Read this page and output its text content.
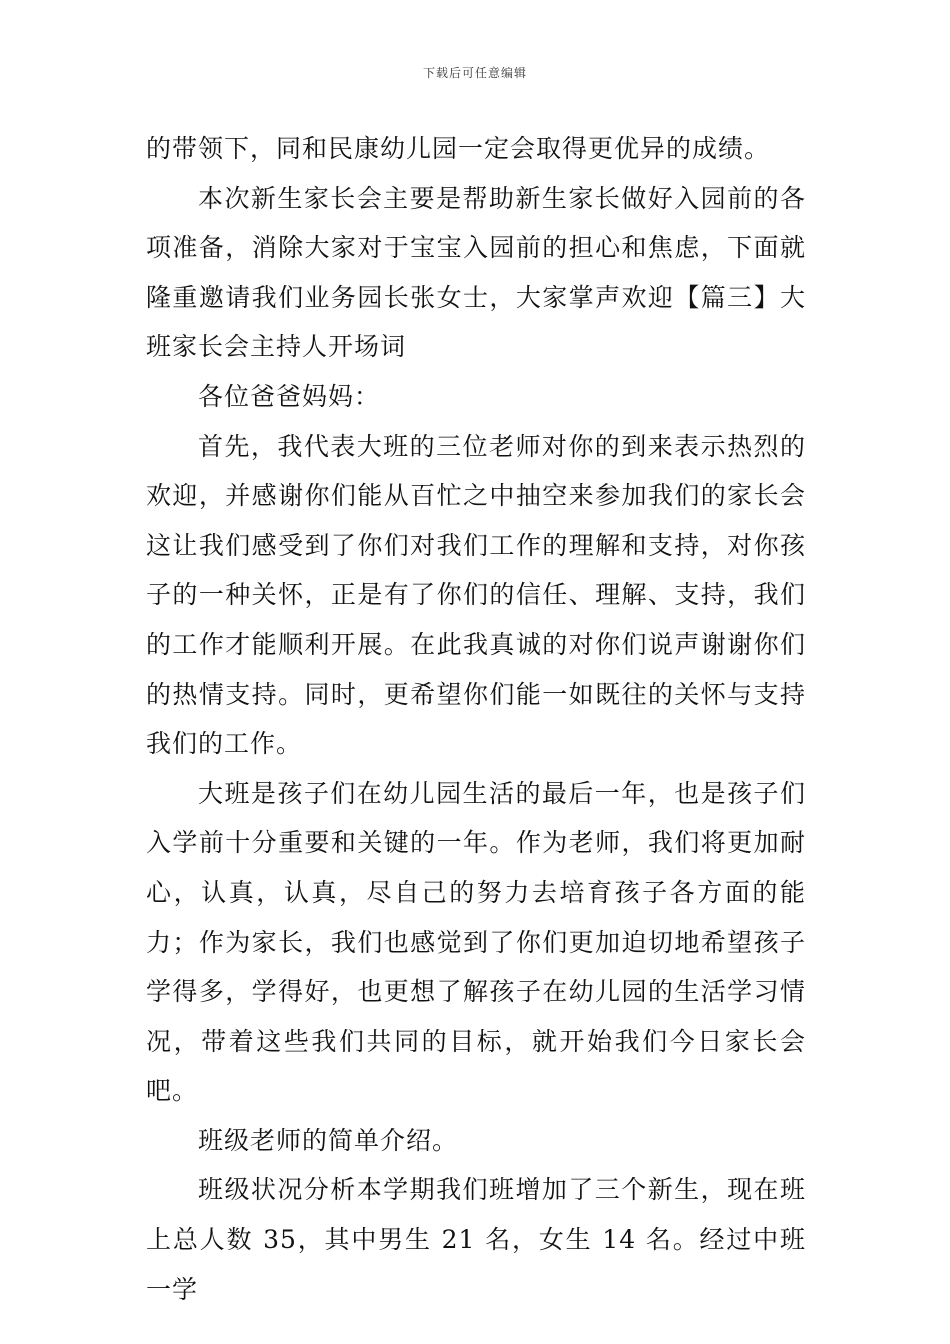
下载后可任意编辑

的带领下，同和民康幼儿园一定会取得更优异的成绩。

本次新生家长会主要是帮助新生家长做好入园前的各项准备，消除大家对于宝宝入园前的担心和焦虑，下面就隆重邀请我们业务园长张女士，大家掌声欢迎【篇三】大班家长会主持人开场词

各位爸爸妈妈：

首先，我代表大班的三位老师对你的到来表示热烈的欢迎，并感谢你们能从百忙之中抽空来参加我们的家长会这让我们感受到了你们对我们工作的理解和支持，对你孩子的一种关怀，正是有了你们的信任、理解、支持，我们的工作才能顺利开展。在此我真诚的对你们说声谢谢你们的热情支持。同时，更希望你们能一如既往的关怀与支持我们的工作。

大班是孩子们在幼儿园生活的最后一年，也是孩子们入学前十分重要和关键的一年。作为老师，我们将更加耐心，认真，认真，尽自己的努力去培育孩子各方面的能力；作为家长，我们也感觉到了你们更加迫切地希望孩子学得多，学得好，也更想了解孩子在幼儿园的生活学习情况，带着这些我们共同的目标，就开始我们今日家长会吧。

班级老师的简单介绍。

班级状况分析本学期我们班增加了三个新生，现在班上总人数 35，其中男生 21 名，女生 14 名。经过中班一学
